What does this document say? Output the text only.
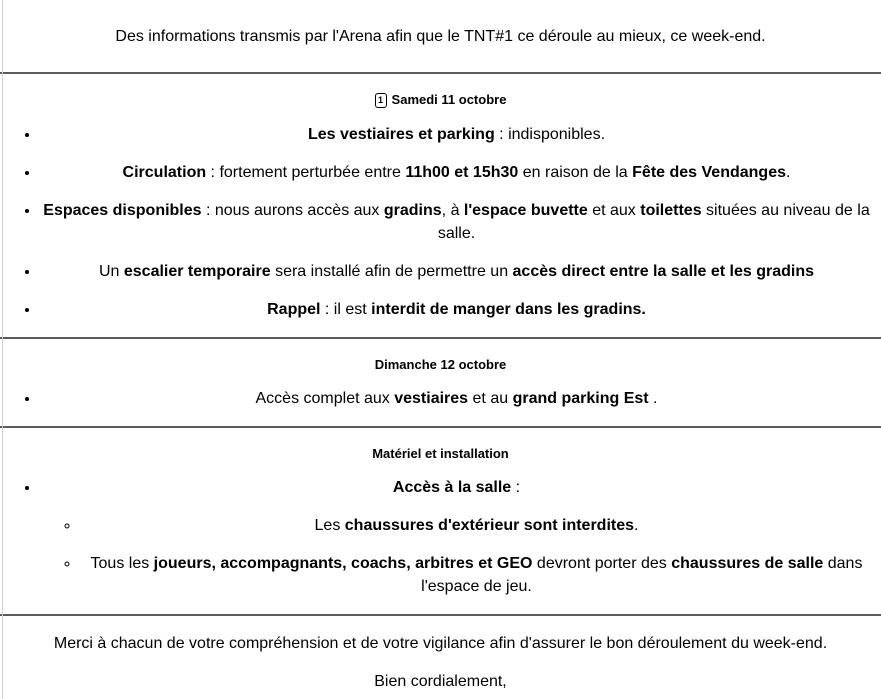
Des informations transmis par l'Arena afin que le TNT#1 ce déroule au mieux, ce week-end.
1 Samedi 11 octobre
• Les vestiaires et parking : indisponibles.
• Circulation : fortement perturbée entre 11h00 et 15h30 en raison de la Fête des Vendanges.
• Espaces disponibles : nous aurons accès aux gradins, à l'espace buvette et aux toilettes situées au niveau de la salle.
• Un escalier temporaire sera installé afin de permettre un accès direct entre la salle et les gradins
• Rappel : il est interdit de manger dans les gradins.
Dimanche 12 octobre
• Accès complet aux vestiaires et au grand parking Est .
Matériel et installation
• Accès à la salle :
◦ Les chaussures d'extérieur sont interdites.
◦ Tous les joueurs, accompagnants, coachs, arbitres et GEO devront porter des chaussures de salle dans l'espace de jeu.

Merci à chacun de votre compréhension et de votre vigilance afin d'assurer le bon déroulement du week-end.

Bien cordialement,
